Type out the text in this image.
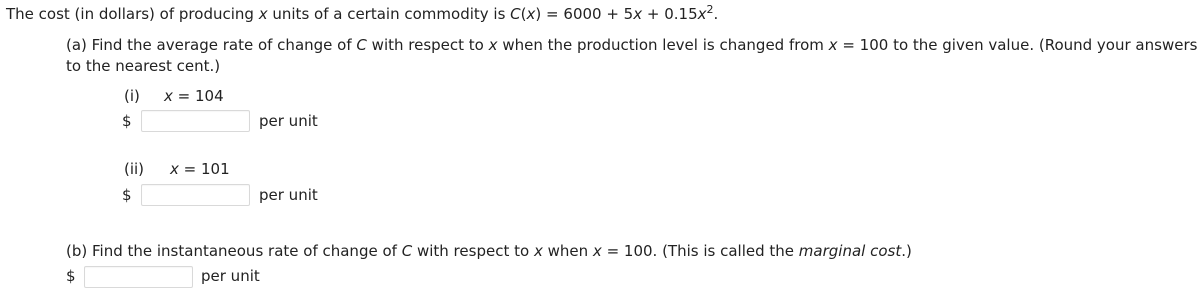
The cost (in dollars) of producing x units of a certain commodity is $C(x) = 6000 + 5x + 0.15x^2$.
(a) Find the average rate of change of C with respect to x when the production level is changed from x = 100 to the given value. (Round your answers
to the nearest cent.)
(i) x = 104
$	per unit
(ii) x = 101
$	per unit
(b) Find the instantaneous rate of change of C with respect to x when x = 100. (This is called the marginal cost.)
$	per unit
